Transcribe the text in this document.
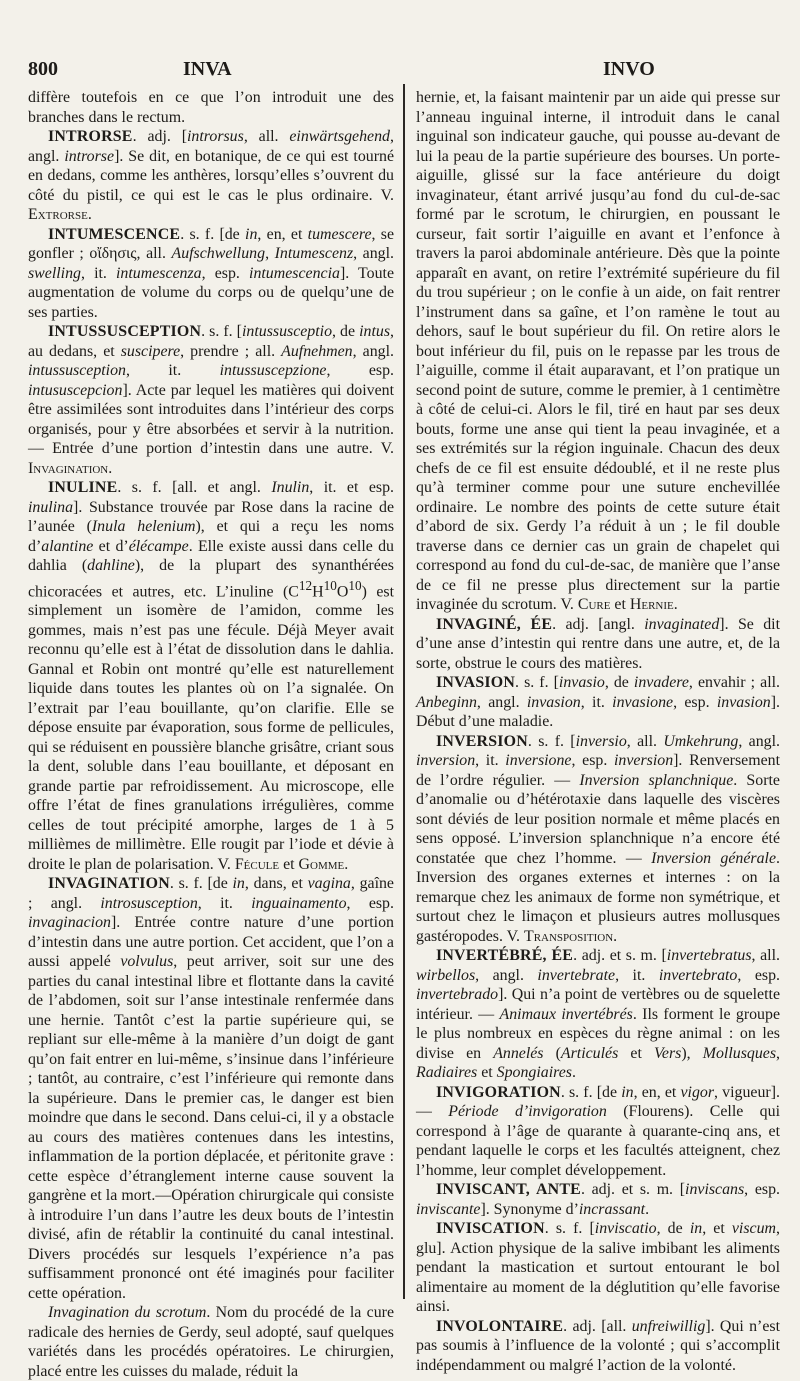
800	INVA	INVO

diffère toutefois en ce que l’on introduit une des branches dans le rectum.

INTRORSE. adj. [introrsus, all. einwärtsgehend, angl. introrse]. Se dit, en botanique, de ce qui est tourné en dedans, comme les anthères, lorsqu’elles s’ouvrent du côté du pistil, ce qui est le cas le plus ordinaire. V. Extrorse.

INTUMESCENCE. s. f. [de in, en, et tumescere, se gonfler ; οἴδησις, all. Aufschwellung, Intumescenz, angl. swelling, it. intumescenza, esp. intumescencia]. Toute augmentation de volume du corps ou de quelqu’une de ses parties.

INTUSSUSCEPTION. s. f. [intussusceptio, de intus, au dedans, et suscipere, prendre ; all. Aufnehmen, angl. intussusception, it. intussuscepzione, esp. intususcepcion]. Acte par lequel les matières qui doivent être assimilées sont introduites dans l’intérieur des corps organisés, pour y être absorbées et servir à la nutrition. — Entrée d’une portion d’intestin dans une autre. V. Invagination.

INULINE. s. f. [all. et angl. Inulin, it. et esp. inulina]. Substance trouvée par Rose dans la racine de l’aunée (Inula helenium), et qui a reçu les noms d’alantine et d’élécampe. Elle existe aussi dans celle du dahlia (dahline), de la plupart des synanthérées chicoracées et autres, etc. L’inuline $(C^{12}H^{10}O^{10})$ est simplement un isomère de l’amidon, comme les gommes, mais n’est pas une fécule. Déjà Meyer avait reconnu qu’elle est à l’état de dissolution dans le dahlia. Gannal et Robin ont montré qu’elle est naturellement liquide dans toutes les plantes où on l’a signalée. On l’extrait par l’eau bouillante, qu’on clarifie. Elle se dépose ensuite par évaporation, sous forme de pellicules, qui se réduisent en poussière blanche grisâtre, criant sous la dent, soluble dans l’eau bouillante, et déposant en grande partie par refroidissement. Au microscope, elle offre l’état de fines granulations irrégulières, comme celles de tout précipité amorphe, larges de 1 à 5 millièmes de millimètre. Elle rougit par l’iode et dévie à droite le plan de polarisation. V. Fécule et Gomme.

INVAGINATION. s. f. [de in, dans, et vagina, gaîne ; angl. introsusception, it. inguainamento, esp. invaginacion]. Entrée contre nature d’une portion d’intestin dans une autre portion. Cet accident, que l’on a aussi appelé volvulus, peut arriver, soit sur une des parties du canal intestinal libre et flottante dans la cavité de l’abdomen, soit sur l’anse intestinale renfermée dans une hernie. Tantôt c’est la partie supérieure qui, se repliant sur elle-même à la manière d’un doigt de gant qu’on fait entrer en lui-même, s’insinue dans l’inférieure ; tantôt, au contraire, c’est l’inférieure qui remonte dans la supérieure. Dans le premier cas, le danger est bien moindre que dans le second. Dans celui-ci, il y a obstacle au cours des matières contenues dans les intestins, inflammation de la portion déplacée, et péritonite grave : cette espèce d’étranglement interne cause souvent la gangrène et la mort.—Opération chirurgicale qui consiste à introduire l’un dans l’autre les deux bouts de l’intestin divisé, afin de rétablir la continuité du canal intestinal. Divers procédés sur lesquels l’expérience n’a pas suffisamment prononcé ont été imaginés pour faciliter cette opération.

Invagination du scrotum. Nom du procédé de la cure radicale des hernies de Gerdy, seul adopté, sauf quelques variétés dans les procédés opératoires. Le chirurgien, placé entre les cuisses du malade, réduit la

hernie, et, la faisant maintenir par un aide qui presse sur l’anneau inguinal interne, il introduit dans le canal inguinal son indicateur gauche, qui pousse au-devant de lui la peau de la partie supérieure des bourses. Un porte-aiguille, glissé sur la face antérieure du doigt invaginateur, étant arrivé jusqu’au fond du cul-de-sac formé par le scrotum, le chirurgien, en poussant le curseur, fait sortir l’aiguille en avant et l’enfonce à travers la paroi abdominale antérieure. Dès que la pointe apparaît en avant, on retire l’extrémité supérieure du fil du trou supérieur ; on le confie à un aide, on fait rentrer l’instrument dans sa gaîne, et l’on ramène le tout au dehors, sauf le bout supérieur du fil. On retire alors le bout inférieur du fil, puis on le repasse par les trous de l’aiguille, comme il était auparavant, et l’on pratique un second point de suture, comme le premier, à 1 centimètre à côté de celui-ci. Alors le fil, tiré en haut par ses deux bouts, forme une anse qui tient la peau invaginée, et a ses extrémités sur la région inguinale. Chacun des deux chefs de ce fil est ensuite dédoublé, et il ne reste plus qu’à terminer comme pour une suture enchevillée ordinaire. Le nombre des points de cette suture était d’abord de six. Gerdy l’a réduit à un ; le fil double traverse dans ce dernier cas un grain de chapelet qui correspond au fond du cul-de-sac, de manière que l’anse de ce fil ne presse plus directement sur la partie invaginée du scrotum. V. Cure et Hernie.

INVAGINÉ, ÉE. adj. [angl. invaginated]. Se dit d’une anse d’intestin qui rentre dans une autre, et, de la sorte, obstrue le cours des matières.

INVASION. s. f. [invasio, de invadere, envahir ; all. Anbeginn, angl. invasion, it. invasione, esp. invasion]. Début d’une maladie.

INVERSION. s. f. [inversio, all. Umkehrung, angl. inversion, it. inversione, esp. inversion]. Renversement de l’ordre régulier. — Inversion splanchnique. Sorte d’anomalie ou d’hétérotaxie dans laquelle des viscères sont déviés de leur position normale et même placés en sens opposé. L’inversion splanchnique n’a encore été constatée que chez l’homme. — Inversion générale. Inversion des organes externes et internes : on la remarque chez les animaux de forme non symétrique, et surtout chez le limaçon et plusieurs autres mollusques gastéropodes. V. Transposition.

INVERTÉBRÉ, ÉE. adj. et s. m. [invertebratus, all. wirbellos, angl. invertebrate, it. invertebrato, esp. invertebrado]. Qui n’a point de vertèbres ou de squelette intérieur. — Animaux invertébrés. Ils forment le groupe le plus nombreux en espèces du règne animal : on les divise en Annelés (Articulés et Vers), Mollusques, Radiaires et Spongiaires.

INVIGORATION. s. f. [de in, en, et vigor, vigueur]. — Période d’invigoration (Flourens). Celle qui correspond à l’âge de quarante à quarante-cinq ans, et pendant laquelle le corps et les facultés atteignent, chez l’homme, leur complet développement.

INVISCANT, ANTE. adj. et s. m. [inviscans, esp. inviscante]. Synonyme d’incrassant.

INVISCATION. s. f. [inviscatio, de in, et viscum, glu]. Action physique de la salive imbibant les aliments pendant la mastication et surtout entourant le bol alimentaire au moment de la déglutition qu’elle favorise ainsi.

INVOLONTAIRE. adj. [all. unfreiwillig]. Qui n’est pas soumis à l’influence de la volonté ; qui s’accomplit indépendamment ou malgré l’action de la volonté.
